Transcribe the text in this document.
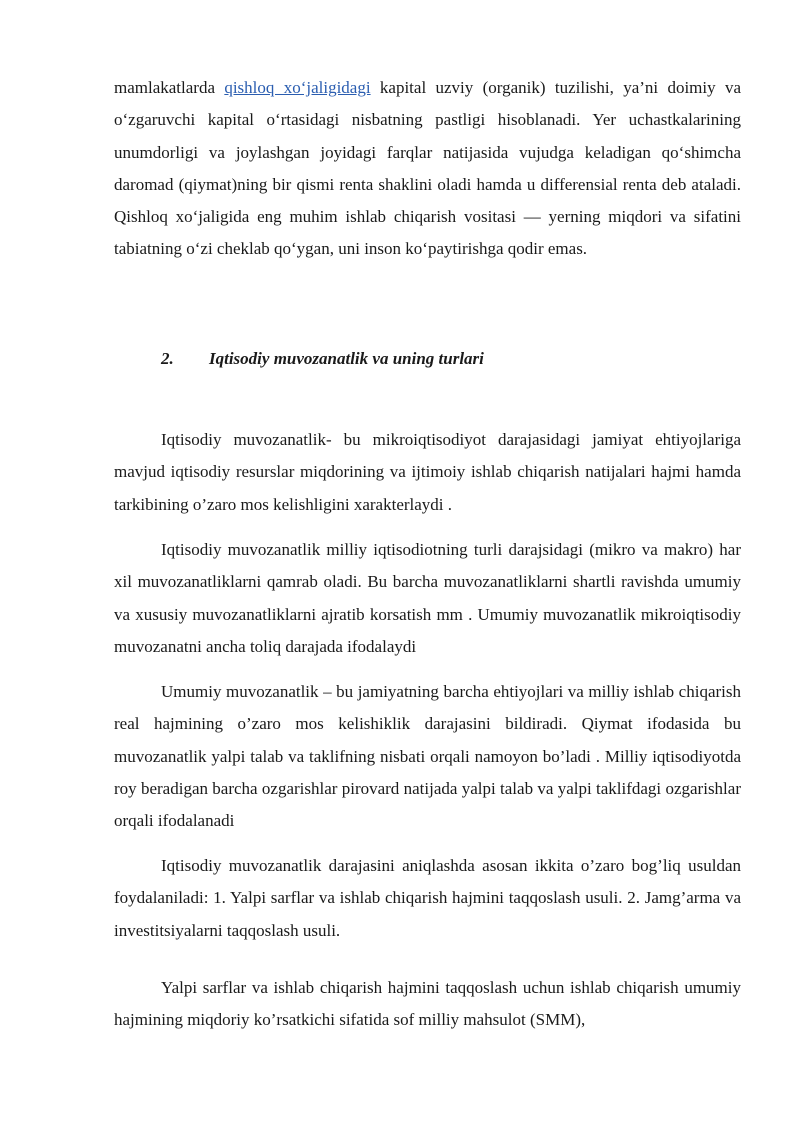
mamlakatlarda qishloq xo‘jaligidagi kapital uzviy (organik) tuzilishi, ya’ni doimiy va o‘zgaruvchi kapital o‘rtasidagi nisbatning pastligi hisoblanadi. Yer uchastkalarining unumdorligi va joylashgan joyidagi farqlar natijasida vujudga keladigan qo‘shimcha daromad (qiymat)ning bir qismi renta shaklini oladi hamda u differensial renta deb ataladi. Qishloq xo‘jaligida eng muhim ishlab chiqarish vositasi — yerning miqdori va sifatini tabiatning o‘zi cheklab qo‘ygan, uni inson ko‘paytirishga qodir emas.

2. Iqtisodiy muvozanatlik va uning turlari

Iqtisodiy muvozanatlik- bu mikroiqtisodiyot darajasidagi jamiyat ehtiyojlariga mavjud iqtisodiy resurslar miqdorining va ijtimoiy ishlab chiqarish natijalari hajmi hamda tarkibining o’zaro mos kelishligini xarakterlaydi .

Iqtisodiy muvozanatlik milliy iqtisodiotning turli darajsidagi (mikro va makro) har xil muvozanatliklarni qamrab oladi. Bu barcha muvozanatliklarni shartli ravishda umumiy va xususiy muvozanatliklarni ajratib korsatish mm . Umumiy muvozanatlik mikroiqtisodiy muvozanatni ancha toliq darajada ifodalaydi

Umumiy muvozanatlik – bu jamiyatning barcha ehtiyojlari va milliy ishlab chiqarish real hajmining o’zaro mos kelishiklik darajasini bildiradi. Qiymat ifodasida bu muvozanatlik yalpi talab va taklifning nisbati orqali namoyon bo’ladi . Milliy iqtisodiyotda roy beradigan barcha ozgarishlar pirovard natijada yalpi talab va yalpi taklifdagi ozgarishlar orqali ifodalanadi

Iqtisodiy muvozanatlik darajasini aniqlashda asosan ikkita o’zaro bog’liq usuldan foydalaniladi: 1. Yalpi sarflar va ishlab chiqarish hajmini taqqoslash usuli. 2. Jamg’arma va investitsiyalarni taqqoslash usuli.

Yalpi sarflar va ishlab chiqarish hajmini taqqoslash uchun ishlab chiqarish umumiy hajmining miqdoriy ko’rsatkichi sifatida sof milliy mahsulot (SMM),
